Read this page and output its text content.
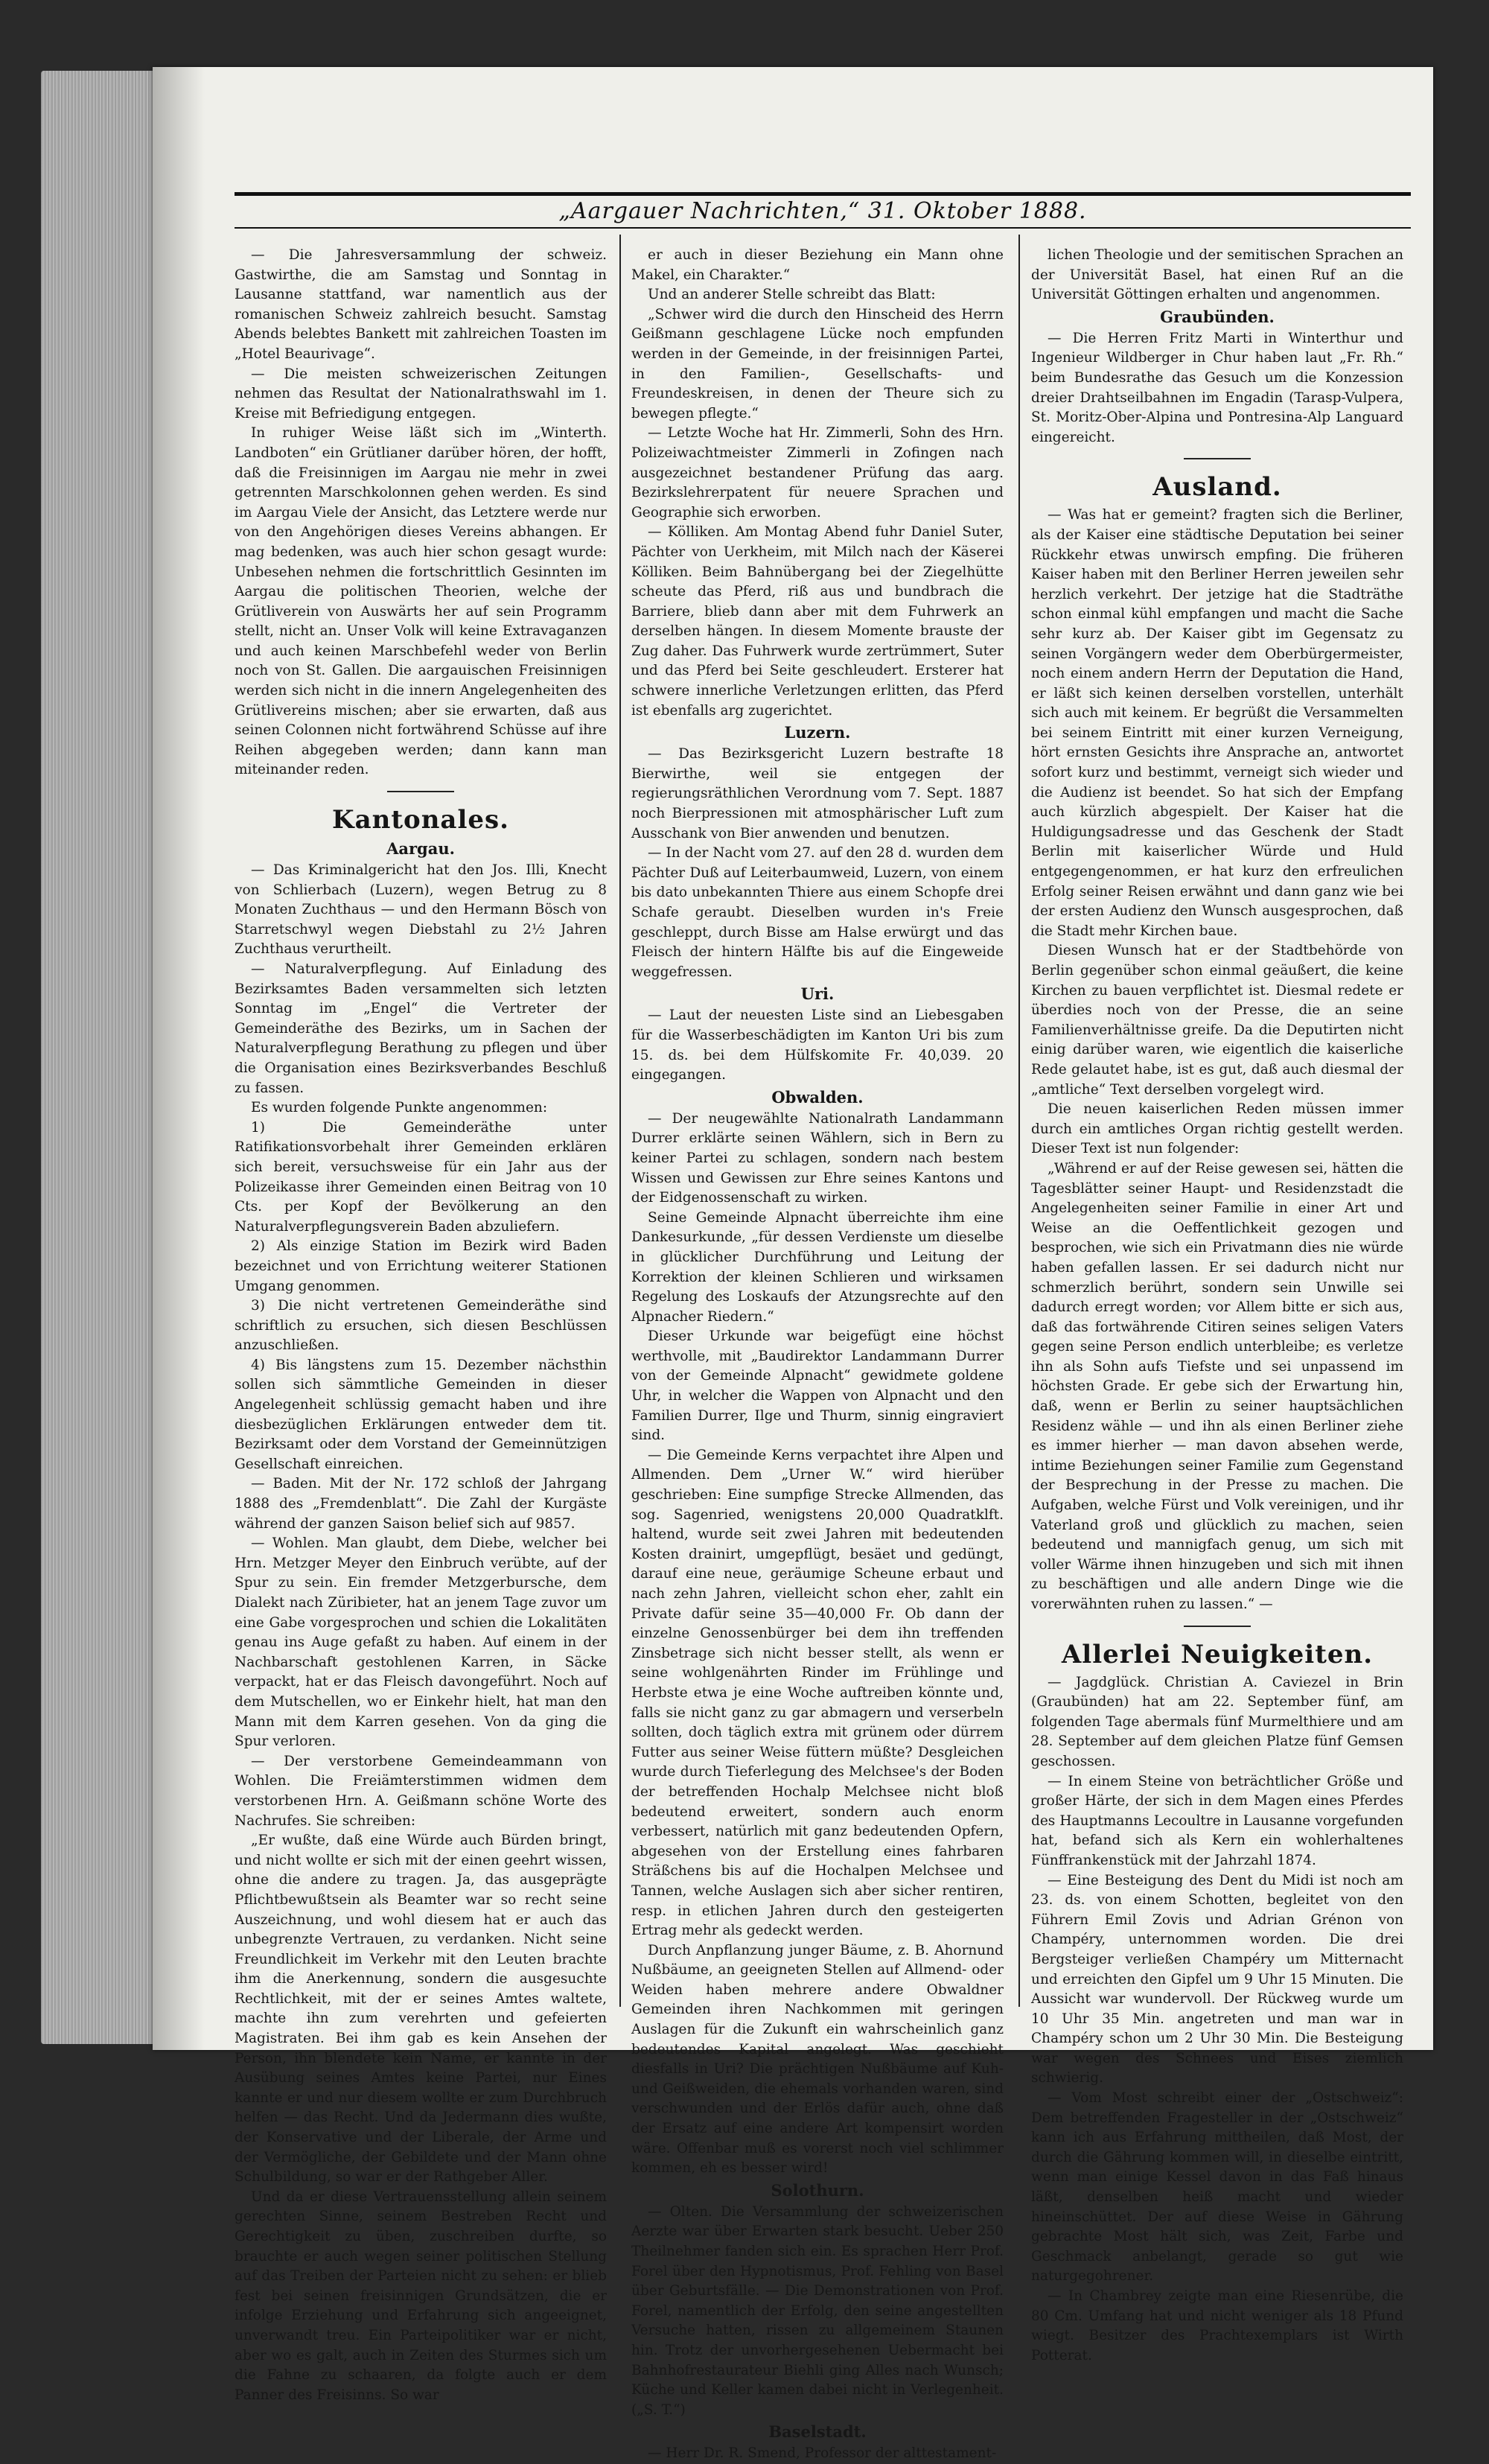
„Aargauer Nachrichten,“ 31. Oktober 1888.

— Die Jahresversammlung der schweiz. Gastwirthe, die am Samstag und Sonntag in Lausanne stattfand, war namentlich aus der romanischen Schweiz zahlreich besucht. Samstag Abends belebtes Bankett mit zahlreichen Toasten im „Hotel Beaurivage“.

— Die meisten schweizerischen Zeitungen nehmen das Resultat der Nationalrathswahl im 1. Kreise mit Befriedigung entgegen.

In ruhiger Weise läßt sich im „Winterth. Landboten“ ein Grütlianer darüber hören, der hofft, daß die Freisinnigen im Aargau nie mehr in zwei getrennten Marschkolonnen gehen werden. Es sind im Aargau Viele der Ansicht, das Letztere werde nur von den Angehörigen dieses Vereins abhangen. Er mag bedenken, was auch hier schon gesagt wurde: Unbesehen nehmen die fortschrittlich Gesinnten im Aargau die politischen Theorien, welche der Grütliverein von Auswärts her auf sein Programm stellt, nicht an. Unser Volk will keine Extravaganzen und auch keinen Marschbefehl weder von Berlin noch von St. Gallen. Die aargauischen Freisinnigen werden sich nicht in die innern Angelegenheiten des Grütlivereins mischen; aber sie erwarten, daß aus seinen Colonnen nicht fortwährend Schüsse auf ihre Reihen abgegeben werden; dann kann man miteinander reden.

Kantonales.
Aargau.

— Das Kriminalgericht hat den Jos. Illi, Knecht von Schlierbach (Luzern), wegen Betrug zu 8 Monaten Zuchthaus — und den Hermann Bösch von Starretschwyl wegen Diebstahl zu 2½ Jahren Zuchthaus verurtheilt.

— Naturalverpflegung. Auf Einladung des Bezirksamtes Baden versammelten sich letzten Sonntag im „Engel“ die Vertreter der Gemeinderäthe des Bezirks, um in Sachen der Naturalverpflegung Berathung zu pflegen und über die Organisation eines Bezirksverbandes Beschluß zu fassen.

Es wurden folgende Punkte angenommen:

1) Die Gemeinderäthe unter Ratifikationsvorbehalt ihrer Gemeinden erklären sich bereit, versuchsweise für ein Jahr aus der Polizeikasse ihrer Gemeinden einen Beitrag von 10 Cts. per Kopf der Bevölkerung an den Naturalverpflegungsverein Baden abzuliefern.

2) Als einzige Station im Bezirk wird Baden bezeichnet und von Errichtung weiterer Stationen Umgang genommen.

3) Die nicht vertretenen Gemeinderäthe sind schriftlich zu ersuchen, sich diesen Beschlüssen anzuschließen.

4) Bis längstens zum 15. Dezember nächsthin sollen sich sämmtliche Gemeinden in dieser Angelegenheit schlüssig gemacht haben und ihre diesbezüglichen Erklärungen entweder dem tit. Bezirksamt oder dem Vorstand der Gemeinnützigen Gesellschaft einreichen.

— Baden. Mit der Nr. 172 schloß der Jahrgang 1888 des „Fremdenblatt“. Die Zahl der Kurgäste während der ganzen Saison belief sich auf 9857.

— Wohlen. Man glaubt, dem Diebe, welcher bei Hrn. Metzger Meyer den Einbruch verübte, auf der Spur zu sein. Ein fremder Metzgerbursche, dem Dialekt nach Züribieter, hat an jenem Tage zuvor um eine Gabe vorgesprochen und schien die Lokalitäten genau ins Auge gefaßt zu haben. Auf einem in der Nachbarschaft gestohlenen Karren, in Säcke verpackt, hat er das Fleisch davongeführt. Noch auf dem Mutschellen, wo er Einkehr hielt, hat man den Mann mit dem Karren gesehen. Von da ging die Spur verloren.

— Der verstorbene Gemeindeammann von Wohlen. Die Freiämterstimmen widmen dem verstorbenen Hrn. A. Geißmann schöne Worte des Nachrufes. Sie schreiben:

„Er wußte, daß eine Würde auch Bürden bringt, und nicht wollte er sich mit der einen geehrt wissen, ohne die andere zu tragen. Ja, das ausgeprägte Pflichtbewußtsein als Beamter war so recht seine Auszeichnung, und wohl diesem hat er auch das unbegrenzte Vertrauen, zu verdanken. Nicht seine Freundlichkeit im Verkehr mit den Leuten brachte ihm die Anerkennung, sondern die ausgesuchte Rechtlichkeit, mit der er seines Amtes waltete, machte ihn zum verehrten und gefeierten Magistraten. Bei ihm gab es kein Ansehen der Person, ihn blendete kein Name, er kannte in der Ausübung seines Amtes keine Partei, nur Eines kannte er und nur diesem wollte er zum Durchbruch helfen — das Recht. Und da Jedermann dies wußte, der Konservative und der Liberale, der Arme und der Vermögliche, der Gebildete und der Mann ohne Schulbildung, so war er der Rathgeber Aller.

Und da er diese Vertrauensstellung allein seinem gerechten Sinne, seinem Bestreben Recht und Gerechtigkeit zu üben, zuschreiben durfte, so brauchte er auch wegen seiner politischen Stellung auf das Treiben der Parteien nicht zu sehen: er blieb fest bei seinen freisinnigen Grundsätzen, die er infolge Erziehung und Erfahrung sich angeeignet, unverwandt treu. Ein Parteipolitiker war er nicht, aber wo es galt, auch in Zeiten des Sturmes sich um die Fahne zu schaaren, da folgte auch er dem Panner des Freisinns. So war

er auch in dieser Beziehung ein Mann ohne Makel, ein Charakter.“

Und an anderer Stelle schreibt das Blatt:

„Schwer wird die durch den Hinscheid des Herrn Geißmann geschlagene Lücke noch empfunden werden in der Gemeinde, in der freisinnigen Partei, in den Familien-, Gesellschafts- und Freundeskreisen, in denen der Theure sich zu bewegen pflegte.“

— Letzte Woche hat Hr. Zimmerli, Sohn des Hrn. Polizeiwachtmeister Zimmerli in Zofingen nach ausgezeichnet bestandener Prüfung das aarg. Bezirkslehrerpatent für neuere Sprachen und Geographie sich erworben.

— Kölliken. Am Montag Abend fuhr Daniel Suter, Pächter von Uerkheim, mit Milch nach der Käserei Kölliken. Beim Bahnübergang bei der Ziegelhütte scheute das Pferd, riß aus und bundbrach die Barriere, blieb dann aber mit dem Fuhrwerk an derselben hängen. In diesem Momente brauste der Zug daher. Das Fuhrwerk wurde zertrümmert, Suter und das Pferd bei Seite geschleudert. Ersterer hat schwere innerliche Verletzungen erlitten, das Pferd ist ebenfalls arg zugerichtet.

Luzern.

— Das Bezirksgericht Luzern bestrafte 18 Bierwirthe, weil sie entgegen der regierungsräthlichen Verordnung vom 7. Sept. 1887 noch Bierpressionen mit atmosphärischer Luft zum Ausschank von Bier anwenden und benutzen.

— In der Nacht vom 27. auf den 28 d. wurden dem Pächter Duß auf Leiterbaumweid, Luzern, von einem bis dato unbekannten Thiere aus einem Schopfe drei Schafe geraubt. Dieselben wurden in's Freie geschleppt, durch Bisse am Halse erwürgt und das Fleisch der hintern Hälfte bis auf die Eingeweide weggefressen.

Uri.

— Laut der neuesten Liste sind an Liebesgaben für die Wasserbeschädigten im Kanton Uri bis zum 15. ds. bei dem Hülfskomite Fr. 40,039. 20 eingegangen.

Obwalden.

— Der neugewählte Nationalrath Landammann Durrer erklärte seinen Wählern, sich in Bern zu keiner Partei zu schlagen, sondern nach bestem Wissen und Gewissen zur Ehre seines Kantons und der Eidgenossenschaft zu wirken.

Seine Gemeinde Alpnacht überreichte ihm eine Dankesurkunde, „für dessen Verdienste um dieselbe in glücklicher Durchführung und Leitung der Korrektion der kleinen Schlieren und wirksamen Regelung des Loskaufs der Atzungsrechte auf den Alpnacher Riedern.“

Dieser Urkunde war beigefügt eine höchst werthvolle, mit „Baudirektor Landammann Durrer von der Gemeinde Alpnacht“ gewidmete goldene Uhr, in welcher die Wappen von Alpnacht und den Familien Durrer, Ilge und Thurm, sinnig eingraviert sind.

— Die Gemeinde Kerns verpachtet ihre Alpen und Allmenden. Dem „Urner W.“ wird hierüber geschrieben: Eine sumpfige Strecke Allmenden, das sog. Sagenried, wenigstens 20,000 Quadratklft. haltend, wurde seit zwei Jahren mit bedeutenden Kosten drainirt, umgepflügt, besäet und gedüngt, darauf eine neue, geräumige Scheune erbaut und nach zehn Jahren, vielleicht schon eher, zahlt ein Private dafür seine 35—40,000 Fr. Ob dann der einzelne Genossenbürger bei dem ihn treffenden Zinsbetrage sich nicht besser stellt, als wenn er seine wohlgenährten Rinder im Frühlinge und Herbste etwa je eine Woche auftreiben könnte und, falls sie nicht ganz zu gar abmagern und verserbeln sollten, doch täglich extra mit grünem oder dürrem Futter aus seiner Weise füttern müßte? Desgleichen wurde durch Tieferlegung des Melchsee's der Boden der betreffenden Hochalp Melchsee nicht bloß bedeutend erweitert, sondern auch enorm verbessert, natürlich mit ganz bedeutenden Opfern, abgesehen von der Erstellung eines fahrbaren Sträßchens bis auf die Hochalpen Melchsee und Tannen, welche Auslagen sich aber sicher rentiren, resp. in etlichen Jahren durch den gesteigerten Ertrag mehr als gedeckt werden.

Durch Anpflanzung junger Bäume, z. B. Ahornund Nußbäume, an geeigneten Stellen auf Allmend- oder Weiden haben mehrere andere Obwaldner Gemeinden ihren Nachkommen mit geringen Auslagen für die Zukunft ein wahrscheinlich ganz bedeutendes Kapital angelegt. Was geschieht diesfalls in Uri? Die prächtigen Nußbäume auf Kuh- und Geißweiden, die ehemals vorhanden waren, sind verschwunden und der Erlös dafür auch, ohne daß der Ersatz auf eine andere Art kompensirt worden wäre. Offenbar muß es vorerst noch viel schlimmer kommen, eh es besser wird!

Solothurn.

— Olten. Die Versammlung der schweizerischen Aerzte war über Erwarten stark besucht. Ueber 250 Theilnehmer fanden sich ein. Es sprachen Herr Prof. Forel über den Hypnotismus, Prof. Fehling von Basel über Geburtsfälle. — Die Demonstrationen von Prof. Forel, namentlich der Erfolg, den seine angestellten Versuche hatten, rissen zu allgemeinem Staunen hin. Trotz der unvorhergesehenen Uebermacht bei Bahnhofrestaurateur Biehli ging Alles nach Wunsch; Küche und Keller kamen dabei nicht in Verlegenheit. („S. T.“)

Baselstadt.

— Herr Dr. R. Smend, Professor der alttestament-

lichen Theologie und der semitischen Sprachen an der Universität Basel, hat einen Ruf an die Universität Göttingen erhalten und angenommen.

Graubünden.

— Die Herren Fritz Marti in Winterthur und Ingenieur Wildberger in Chur haben laut „Fr. Rh.“ beim Bundesrathe das Gesuch um die Konzession dreier Drahtseilbahnen im Engadin (Tarasp-Vulpera, St. Moritz-Ober-Alpina und Pontresina-Alp Languard eingereicht.

Ausland.

— Was hat er gemeint? fragten sich die Berliner, als der Kaiser eine städtische Deputation bei seiner Rückkehr etwas unwirsch empfing. Die früheren Kaiser haben mit den Berliner Herren jeweilen sehr herzlich verkehrt. Der jetzige hat die Stadträthe schon einmal kühl empfangen und macht die Sache sehr kurz ab. Der Kaiser gibt im Gegensatz zu seinen Vorgängern weder dem Oberbürgermeister, noch einem andern Herrn der Deputation die Hand, er läßt sich keinen derselben vorstellen, unterhält sich auch mit keinem. Er begrüßt die Versammelten bei seinem Eintritt mit einer kurzen Verneigung, hört ernsten Gesichts ihre Ansprache an, antwortet sofort kurz und bestimmt, verneigt sich wieder und die Audienz ist beendet. So hat sich der Empfang auch kürzlich abgespielt. Der Kaiser hat die Huldigungsadresse und das Geschenk der Stadt Berlin mit kaiserlicher Würde und Huld entgegengenommen, er hat kurz den erfreulichen Erfolg seiner Reisen erwähnt und dann ganz wie bei der ersten Audienz den Wunsch ausgesprochen, daß die Stadt mehr Kirchen baue.

Diesen Wunsch hat er der Stadtbehörde von Berlin gegenüber schon einmal geäußert, die keine Kirchen zu bauen verpflichtet ist. Diesmal redete er überdies noch von der Presse, die an seine Familienverhältnisse greife. Da die Deputirten nicht einig darüber waren, wie eigentlich die kaiserliche Rede gelautet habe, ist es gut, daß auch diesmal der „amtliche“ Text derselben vorgelegt wird.

Die neuen kaiserlichen Reden müssen immer durch ein amtliches Organ richtig gestellt werden. Dieser Text ist nun folgender:

„Während er auf der Reise gewesen sei, hätten die Tagesblätter seiner Haupt- und Residenzstadt die Angelegenheiten seiner Familie in einer Art und Weise an die Oeffentlichkeit gezogen und besprochen, wie sich ein Privatmann dies nie würde haben gefallen lassen. Er sei dadurch nicht nur schmerzlich berührt, sondern sein Unwille sei dadurch erregt worden; vor Allem bitte er sich aus, daß das fortwährende Citiren seines seligen Vaters gegen seine Person endlich unterbleibe; es verletze ihn als Sohn aufs Tiefste und sei unpassend im höchsten Grade. Er gebe sich der Erwartung hin, daß, wenn er Berlin zu seiner hauptsächlichen Residenz wähle — und ihn als einen Berliner ziehe es immer hierher — man davon absehen werde, intime Beziehungen seiner Familie zum Gegenstand der Besprechung in der Presse zu machen. Die Aufgaben, welche Fürst und Volk vereinigen, und ihr Vaterland groß und glücklich zu machen, seien bedeutend und mannigfach genug, um sich mit voller Wärme ihnen hinzugeben und sich mit ihnen zu beschäftigen und alle andern Dinge wie die vorerwähnten ruhen zu lassen.“ —

Allerlei Neuigkeiten.

— Jagdglück. Christian A. Caviezel in Brin (Graubünden) hat am 22. September fünf, am folgenden Tage abermals fünf Murmelthiere und am 28. September auf dem gleichen Platze fünf Gemsen geschossen.

— In einem Steine von beträchtlicher Größe und großer Härte, der sich in dem Magen eines Pferdes des Hauptmanns Lecoultre in Lausanne vorgefunden hat, befand sich als Kern ein wohlerhaltenes Fünffrankenstück mit der Jahrzahl 1874.

— Eine Besteigung des Dent du Midi ist noch am 23. ds. von einem Schotten, begleitet von den Führern Emil Zovis und Adrian Grénon von Champéry, unternommen worden. Die drei Bergsteiger verließen Champéry um Mitternacht und erreichten den Gipfel um 9 Uhr 15 Minuten. Die Aussicht war wundervoll. Der Rückweg wurde um 10 Uhr 35 Min. angetreten und man war in Champéry schon um 2 Uhr 30 Min. Die Besteigung war wegen des Schnees und Eises ziemlich schwierig.

— Vom Most schreibt einer der „Ostschweiz“: Dem betreffenden Fragesteller in der „Ostschweiz“ kann ich aus Erfahrung mittheilen, daß Most, der durch die Gährung kommen will, in dieselbe eintritt, wenn man einige Kessel davon in das Faß hinaus läßt, denselben heiß macht und wieder hineinschüttet. Der auf diese Weise in Gährung gebrachte Most hält sich, was Zeit, Farbe und Geschmack anbelangt, gerade so gut wie naturgegohrener.

— In Chambrey zeigte man eine Riesenrübe, die 80 Cm. Umfang hat und nicht weniger als 18 Pfund wiegt. Besitzer des Prachtexemplars ist Wirth Potterat.
